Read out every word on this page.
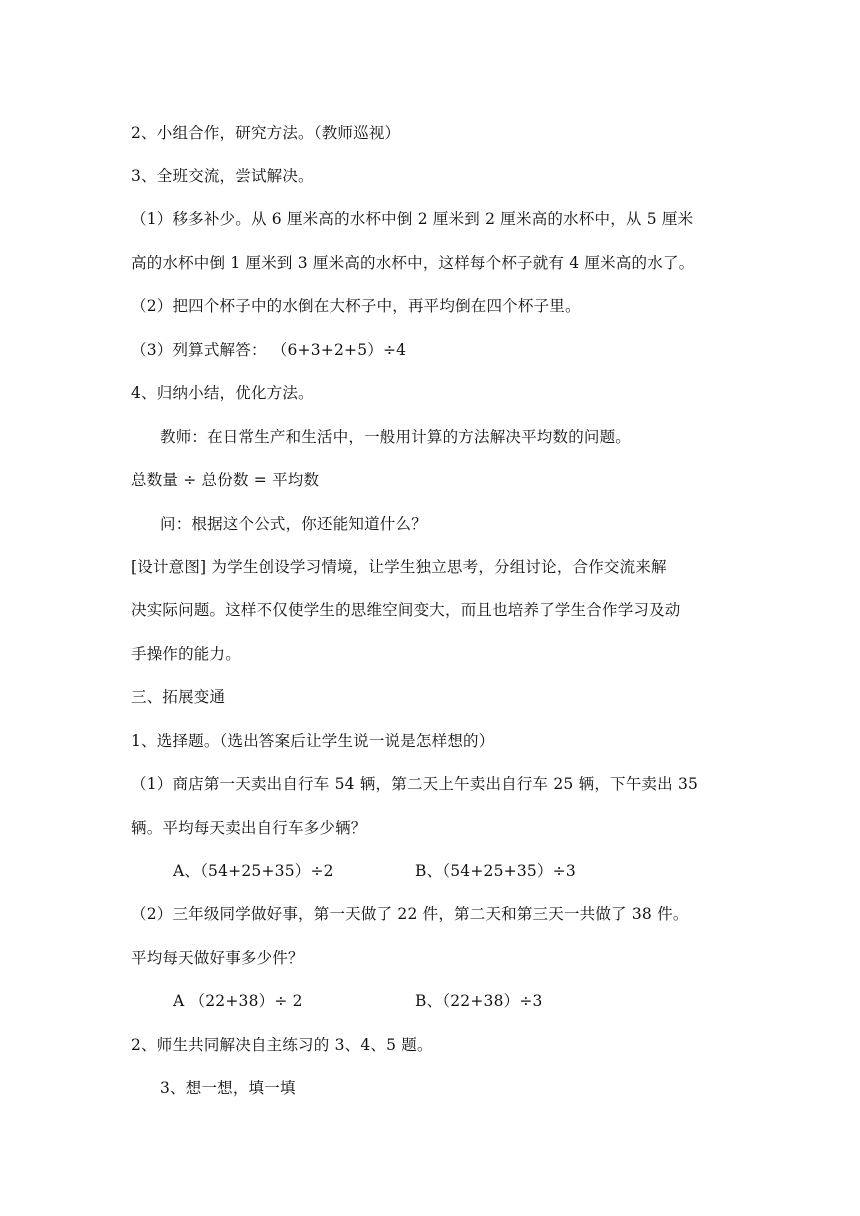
2、小组合作，研究方法。（教师巡视）
3、全班交流，尝试解决。
（1）移多补少。从 6 厘米高的水杯中倒 2 厘米到 2 厘米高的水杯中，从 5 厘米
高的水杯中倒 1 厘米到 3 厘米高的水杯中，这样每个杯子就有 4 厘米高的水了。
（2）把四个杯子中的水倒在大杯子中，再平均倒在四个杯子里。
（3）列算式解答： （6+3+2+5）÷4
4、归纳小结，优化方法。
教师：在日常生产和生活中，一般用计算的方法解决平均数的问题。
总数量 ÷ 总份数 = 平均数
问：根据这个公式，你还能知道什么？
[设计意图] 为学生创设学习情境，让学生独立思考，分组讨论，合作交流来解
决实际问题。这样不仅使学生的思维空间变大，而且也培养了学生合作学习及动
手操作的能力。
三、拓展变通
1、选择题。（选出答案后让学生说一说是怎样想的）
（1）商店第一天卖出自行车 54 辆，第二天上午卖出自行车 25 辆，下午卖出 35
辆。平均每天卖出自行车多少辆？
A、（54+25+35）÷2	B、（54+25+35）÷3
（2）三年级同学做好事，第一天做了 22 件，第二天和第三天一共做了 38 件。
平均每天做好事多少件？
A （22+38）÷ 2	B、（22+38）÷3
2、师生共同解决自主练习的 3、4、5 题。
3、想一想，填一填
